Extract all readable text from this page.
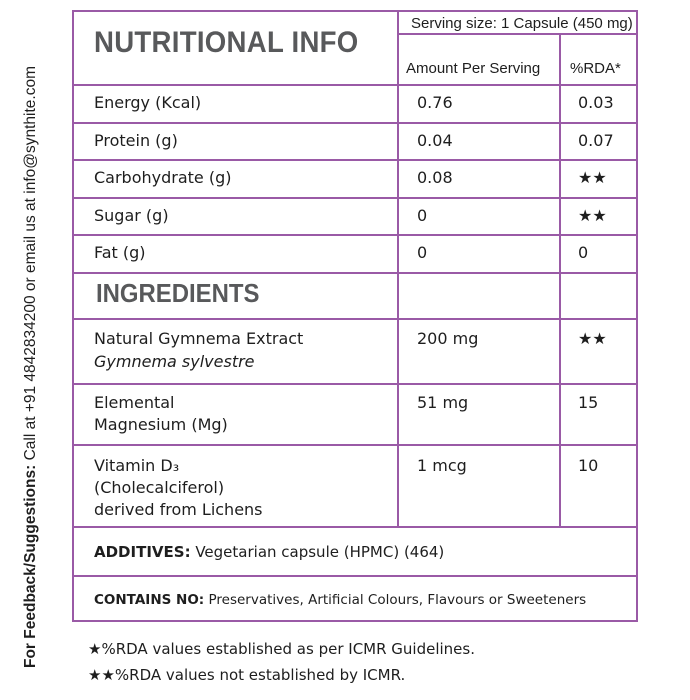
For Feedback/Suggestions: Call at +91 4842834200 or email us at info@synthite.com
NUTRITIONAL INFO
Serving size: 1 Capsule (450 mg)
Amount Per Serving %RDA*
Energy (Kcal)	0.76	0.03
Protein (g)	0.04	0.07
Carbohydrate (g)	0.08	★★
Sugar (g)	0	★★
Fat (g)	0	0
INGREDIENTS
Natural Gymnema Extract
Gymnema sylvestre
200 mg	★★
Elemental
Magnesium (Mg)
51 mg	15
Vitamin D₃
(Cholecalciferol)
derived from Lichens
1 mcg	10
ADDITIVES: Vegetarian capsule (HPMC) (464)
CONTAINS NO: Preservatives, Artificial Colours, Flavours or Sweeteners
★%RDA values established as per ICMR Guidelines.
★★%RDA values not established by ICMR.
